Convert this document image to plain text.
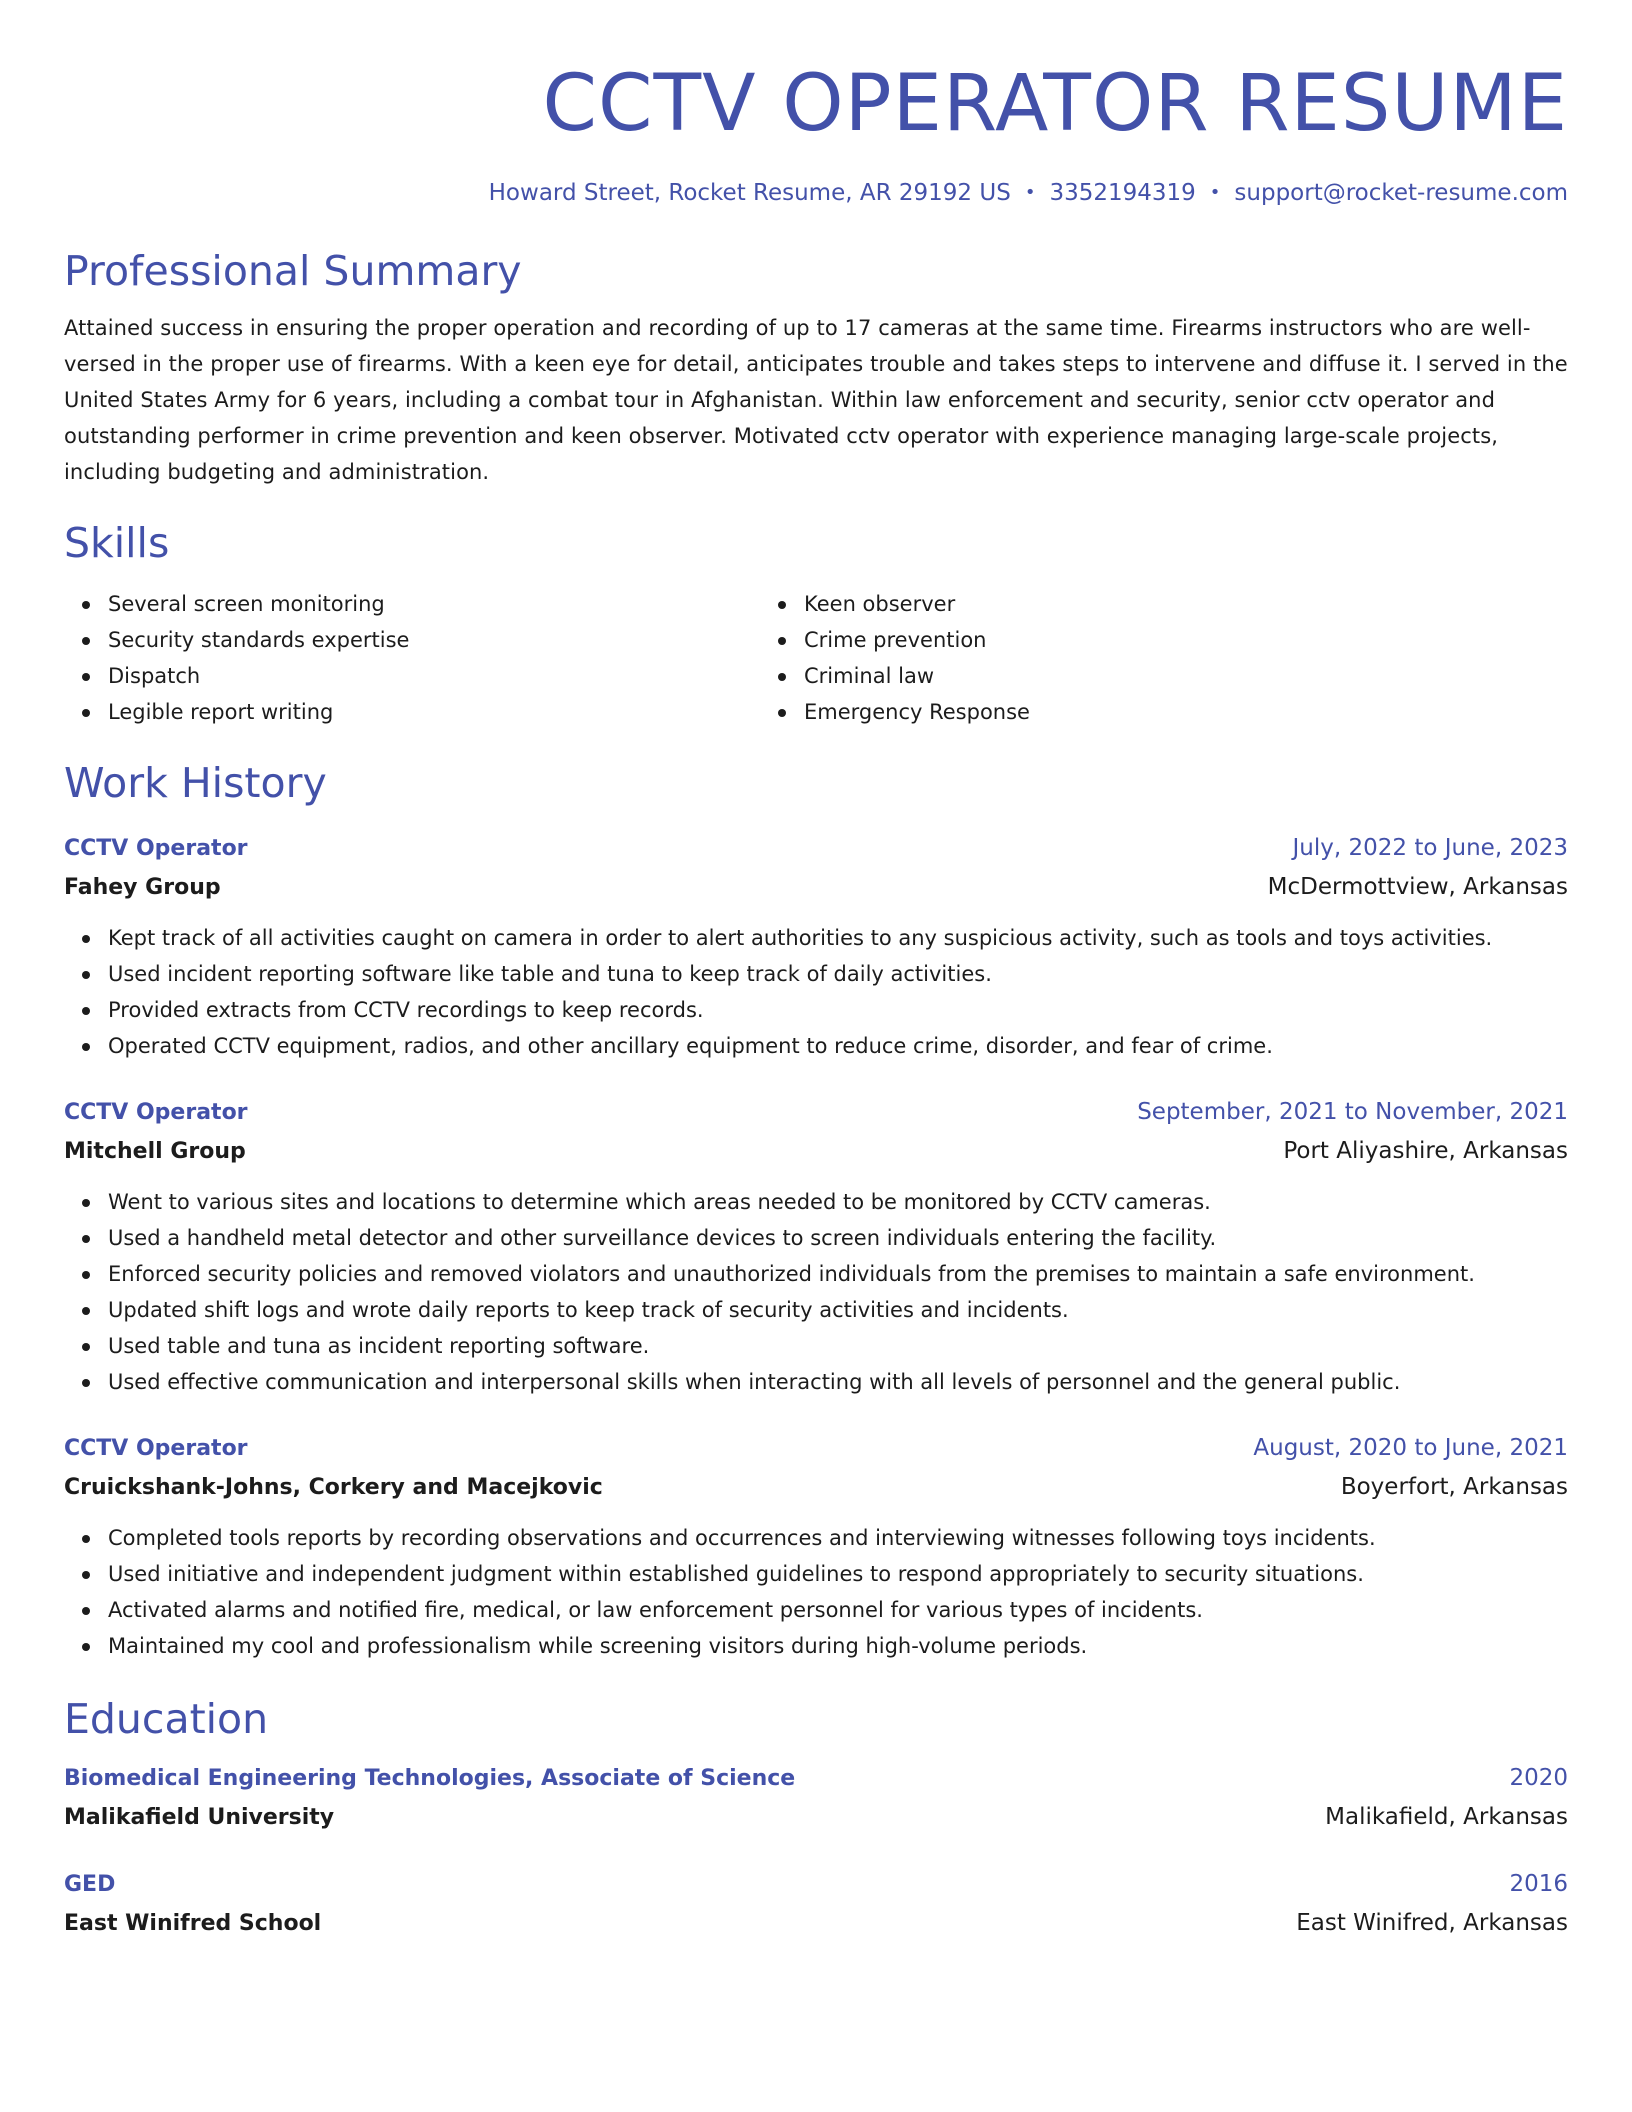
CCTV OPERATOR RESUME
Howard Street, Rocket Resume, AR 29192 US • 3352194319 • support@rocket-resume.com
Professional Summary
Attained success in ensuring the proper operation and recording of up to 17 cameras at the same time. Firearms instructors who are well-versed in the proper use of firearms. With a keen eye for detail, anticipates trouble and takes steps to intervene and diffuse it. I served in the United States Army for 6 years, including a combat tour in Afghanistan. Within law enforcement and security, senior cctv operator and outstanding performer in crime prevention and keen observer. Motivated cctv operator with experience managing large-scale projects, including budgeting and administration.
Skills
Several screen monitoring
Security standards expertise
Dispatch
Legible report writing
Keen observer
Crime prevention
Criminal law
Emergency Response
Work History
CCTV Operator	July, 2022 to June, 2023
Fahey Group	McDermottview, Arkansas
Kept track of all activities caught on camera in order to alert authorities to any suspicious activity, such as tools and toys activities.
Used incident reporting software like table and tuna to keep track of daily activities.
Provided extracts from CCTV recordings to keep records.
Operated CCTV equipment, radios, and other ancillary equipment to reduce crime, disorder, and fear of crime.
CCTV Operator	September, 2021 to November, 2021
Mitchell Group	Port Aliyashire, Arkansas
Went to various sites and locations to determine which areas needed to be monitored by CCTV cameras.
Used a handheld metal detector and other surveillance devices to screen individuals entering the facility.
Enforced security policies and removed violators and unauthorized individuals from the premises to maintain a safe environment.
Updated shift logs and wrote daily reports to keep track of security activities and incidents.
Used table and tuna as incident reporting software.
Used effective communication and interpersonal skills when interacting with all levels of personnel and the general public.
CCTV Operator	August, 2020 to June, 2021
Cruickshank-Johns, Corkery and Macejkovic	Boyerfort, Arkansas
Completed tools reports by recording observations and occurrences and interviewing witnesses following toys incidents.
Used initiative and independent judgment within established guidelines to respond appropriately to security situations.
Activated alarms and notified fire, medical, or law enforcement personnel for various types of incidents.
Maintained my cool and professionalism while screening visitors during high-volume periods.
Education
Biomedical Engineering Technologies, Associate of Science	2020
Malikafield University	Malikafield, Arkansas
GED	2016
East Winifred School	East Winifred, Arkansas
